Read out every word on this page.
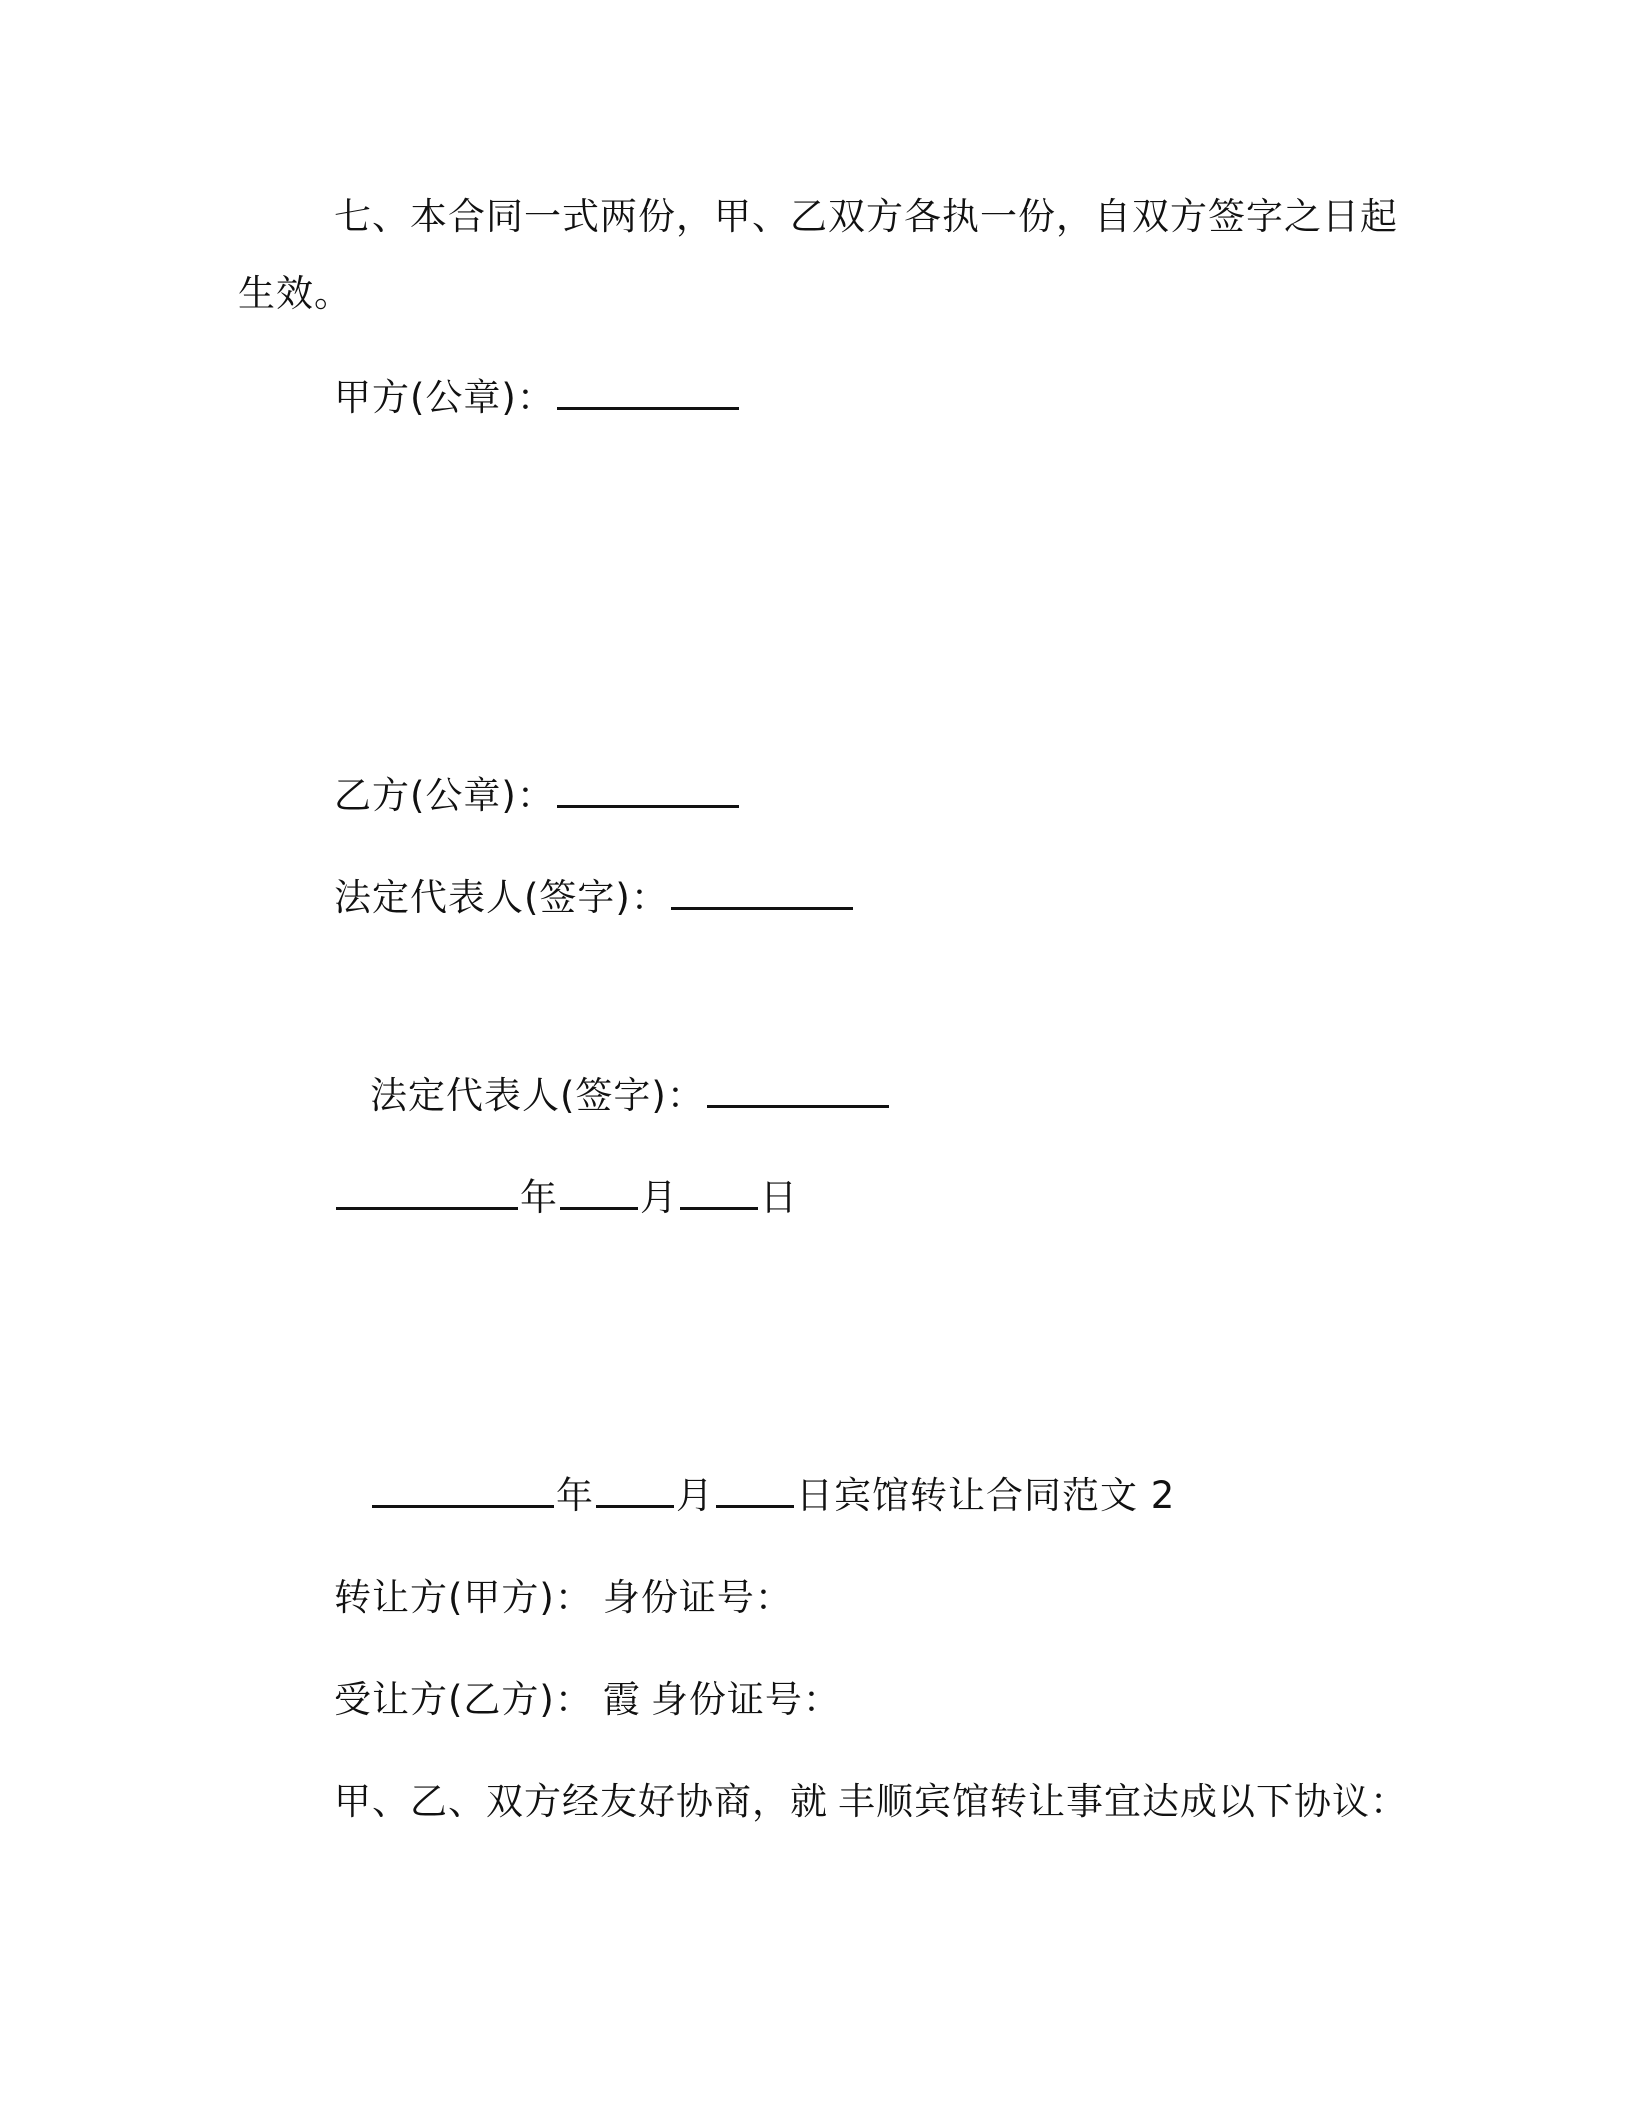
七、本合同一式两份，甲、乙双方各执一份，自双方签字之日起
生效。
甲方(公章)：
乙方(公章)：
法定代表人(签字)：
法定代表人(签字)：
年 月 日
年 月 日宾馆转让合同范文 2
转让方(甲方)： 身份证号：
受让方(乙方)： 霞 身份证号：
甲、乙、双方经友好协商，就 丰顺宾馆转让事宜达成以下协议：
